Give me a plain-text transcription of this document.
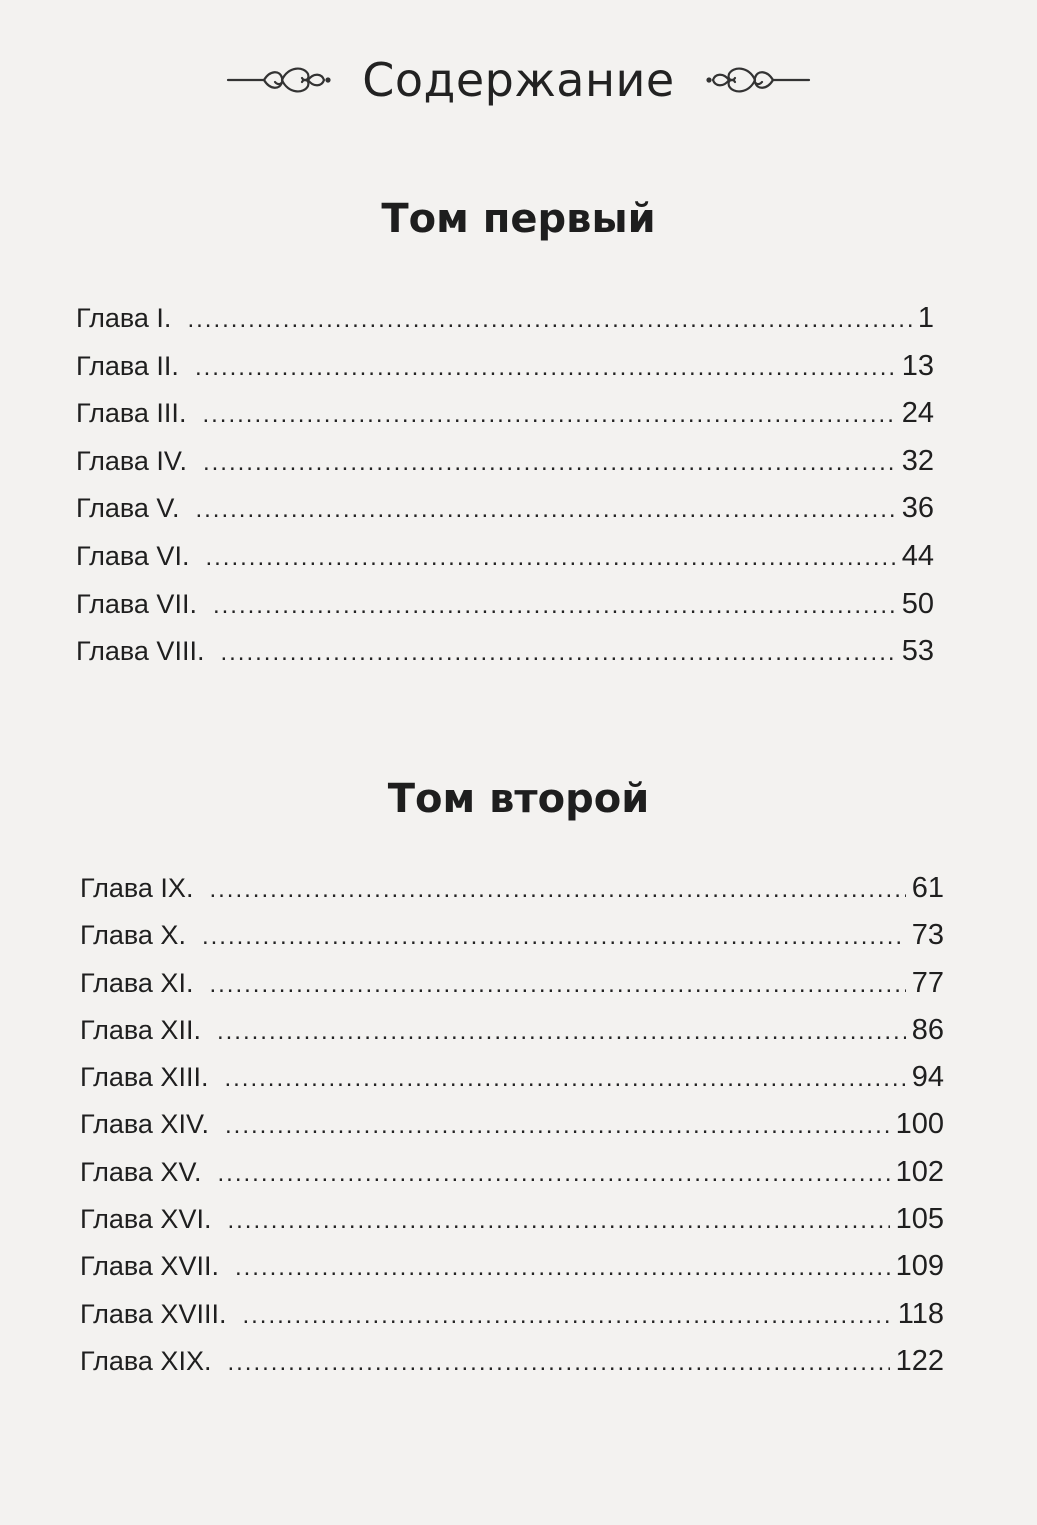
Содержание
Том первый
Глава I. .....	1
Глава II. .....	13
Глава III. .....	24
Глава IV. .....	32
Глава V. .....	36
Глава VI. .....	44
Глава VII. .....	50
Глава VIII. .....	53
Том второй
Глава IX. .....	61
Глава X. .....	73
Глава XI. .....	77
Глава XII. .....	86
Глава XIII. .....	94
Глава XIV. .....	100
Глава XV. .....	102
Глава XVI. .....	105
Глава XVII. .....	109
Глава XVIII. .....	118
Глава XIX. .....	122
